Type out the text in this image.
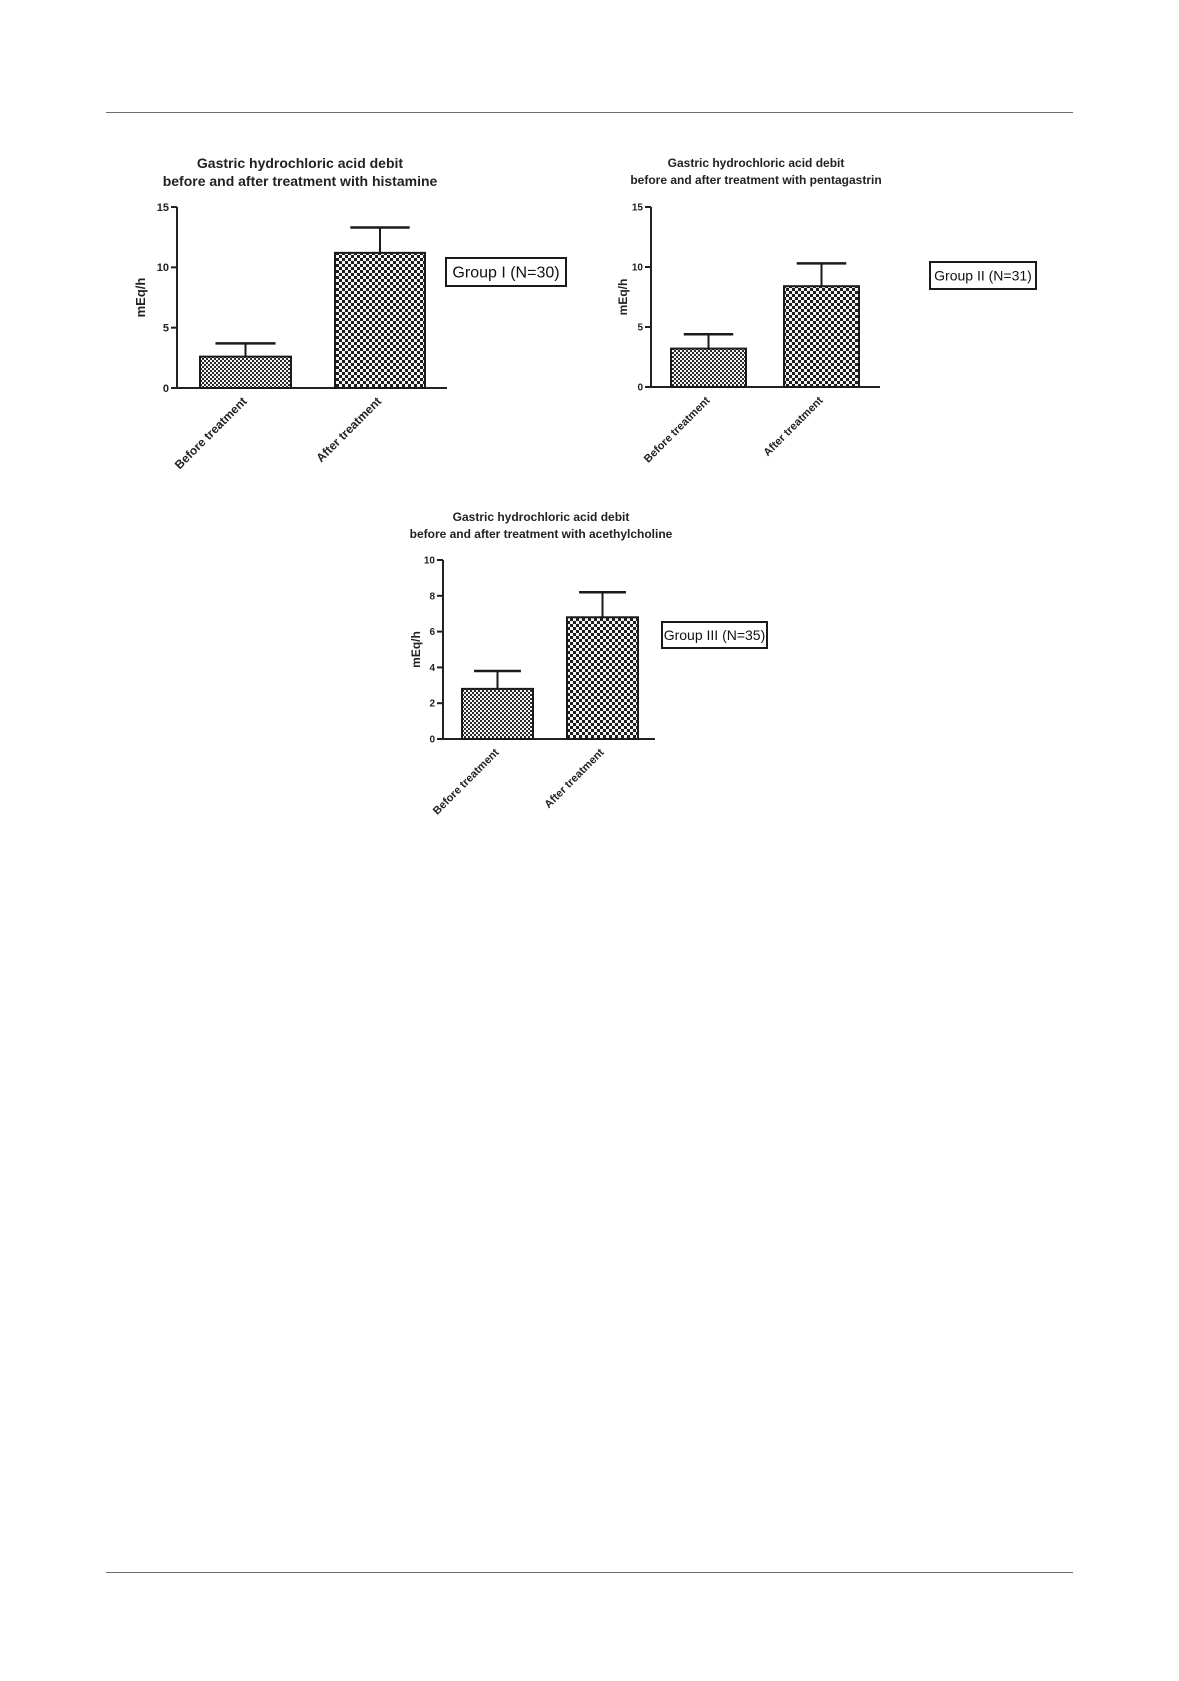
Gastric hydrochloric acid debit
before and after treatment with histamine
0
5
10
15
mEq/h
Before treatment	After treatment
Group I (N=30)
Gastric hydrochloric acid debit
before and after treatment with pentagastrin
0
5
10
15
mEq/h
Before treatment	After treatment
Group II (N=31)
Gastric hydrochloric acid debit
before and after treatment with acethylcholine
0
2
4
6
8
10
mEq/h
Before treatment	After treatment
Group III (N=35)
